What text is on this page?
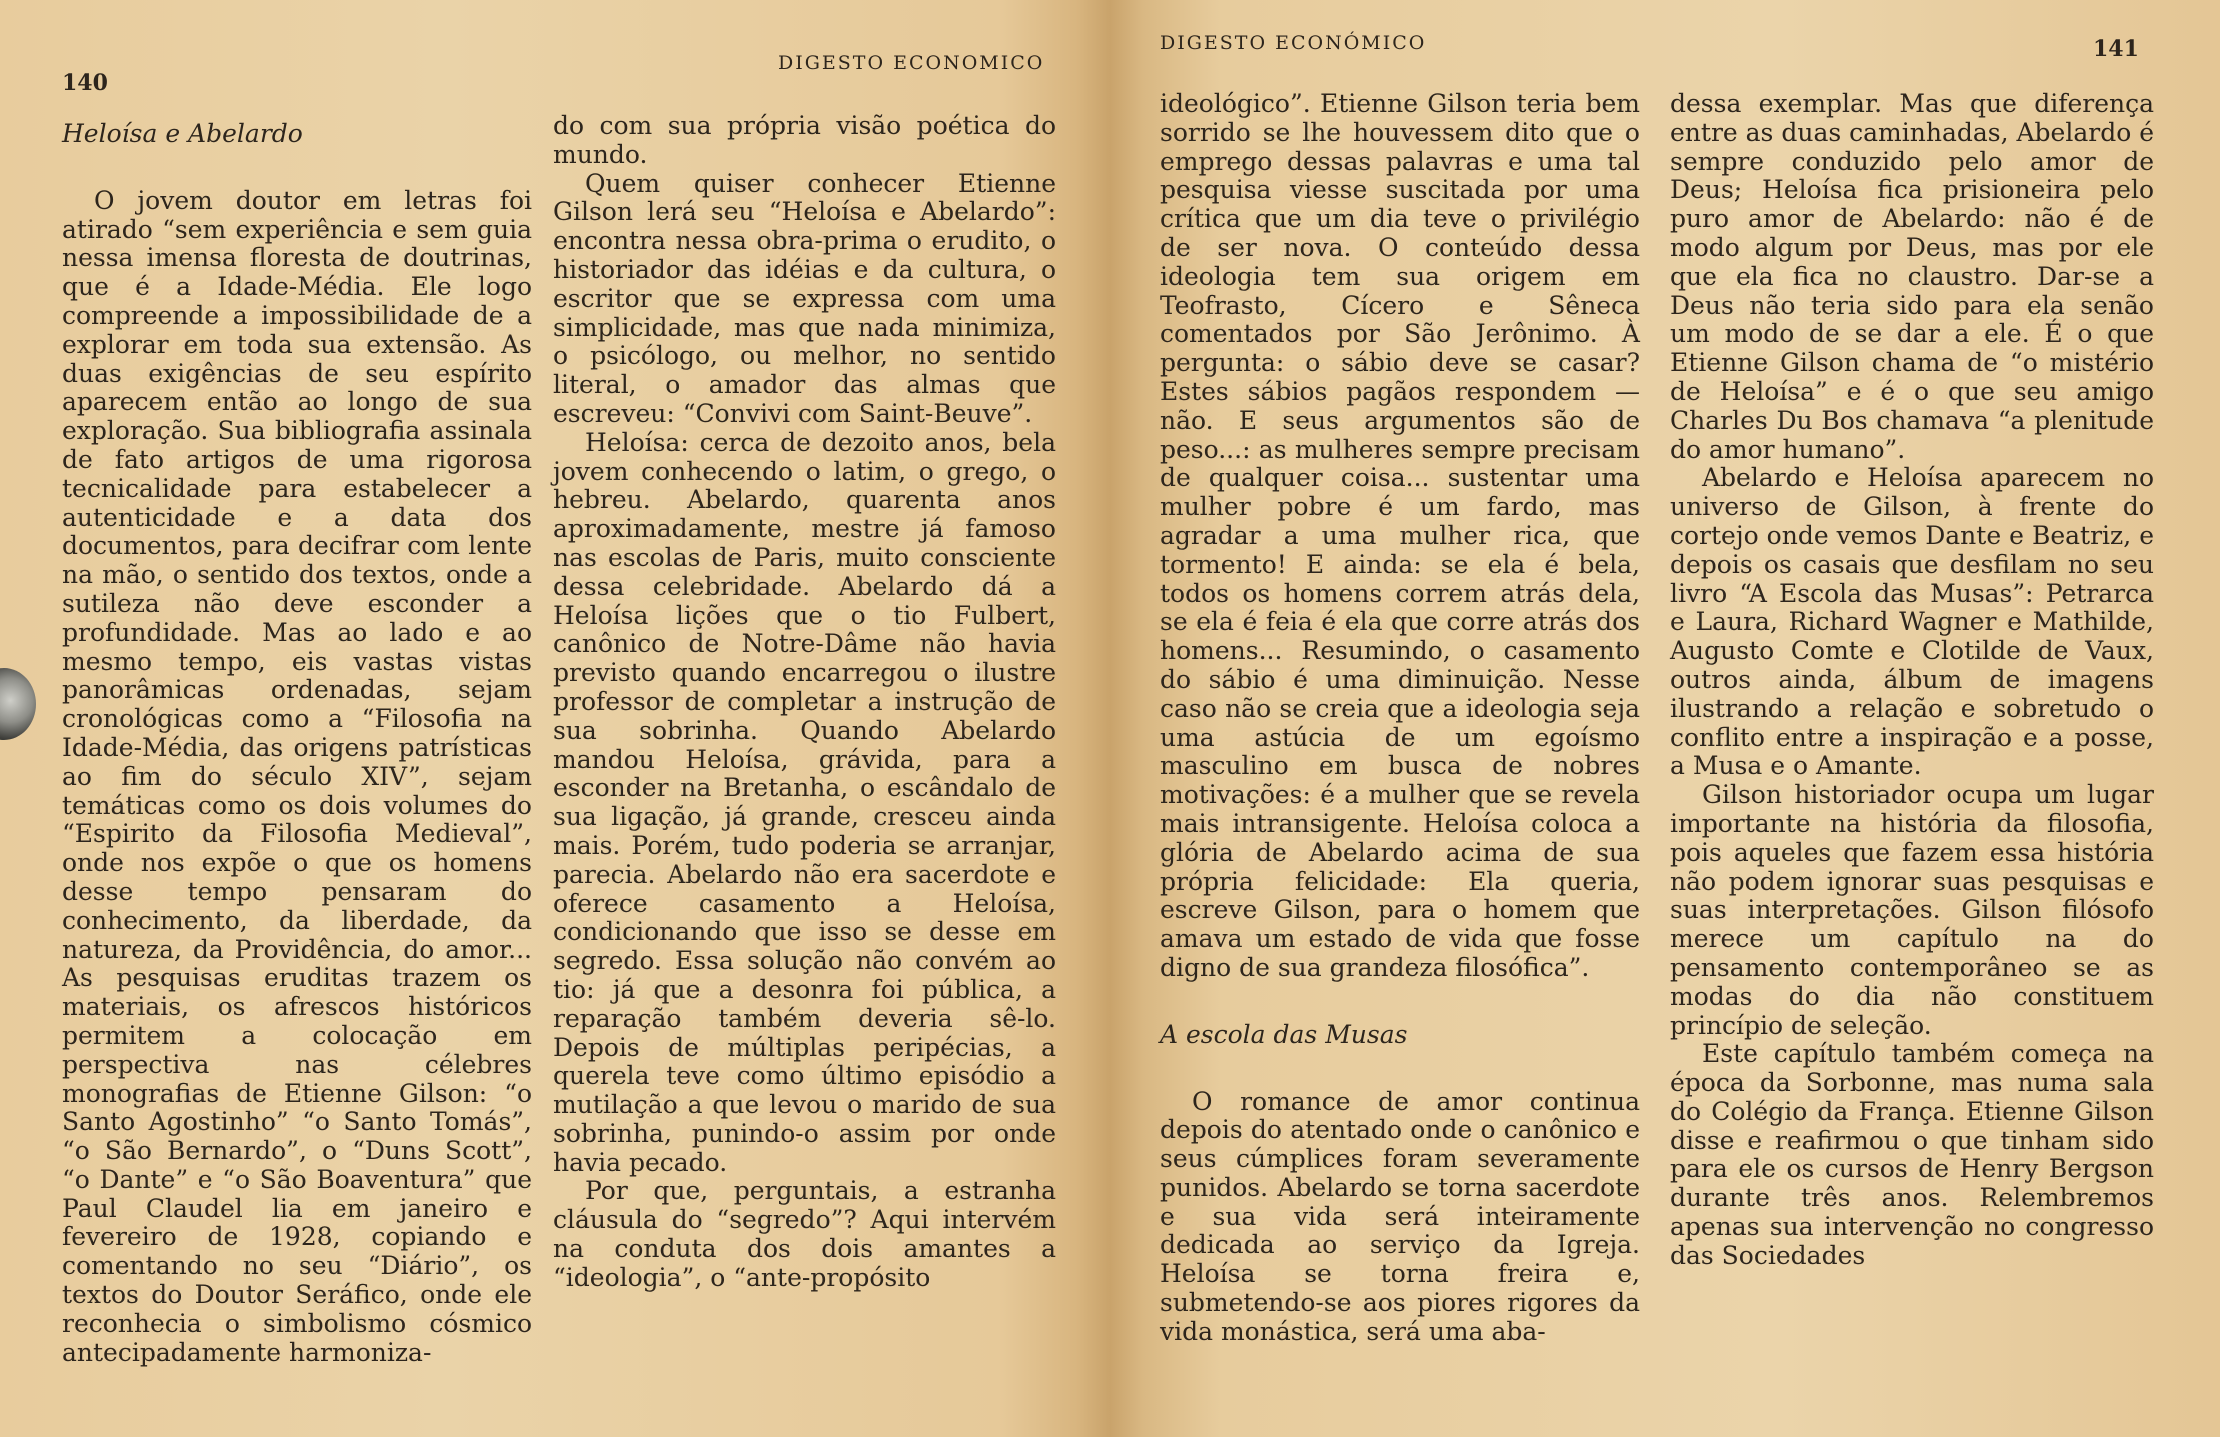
140
DIGESTO ECONOMICO

Heloísa e Abelardo

O jovem doutor em letras foi atirado “sem experiência e sem guia nessa imensa floresta de doutrinas, que é a Idade-Média. Ele logo compreende a impossibilidade de a explorar em toda sua extensão. As duas exigências de seu espírito aparecem então ao longo de sua exploração. Sua bibliografia assinala de fato artigos de uma rigorosa tecnicalidade para estabelecer a autenticidade e a data dos documentos, para decifrar com lente na mão, o sentido dos textos, onde a sutileza não deve esconder a profundidade. Mas ao lado e ao mesmo tempo, eis vastas vistas panorâmicas ordenadas, sejam cronológicas como a “Filosofia na Idade-Média, das origens patrísticas ao fim do século XIV”, sejam temáticas como os dois volumes do “Espirito da Filosofia Medieval”, onde nos expõe o que os homens desse tempo pensaram do conhecimento, da liberdade, da natureza, da Providência, do amor... As pesquisas eruditas trazem os materiais, os afrescos históricos permitem a colocação em perspectiva nas célebres monografias de Etienne Gilson: “o Santo Agostinho” “o Santo Tomás”, “o São Bernardo”, o “Duns Scott”, “o Dante” e “o São Boaventura” que Paul Claudel lia em janeiro e fevereiro de 1928, copiando e comentando no seu “Diário”, os textos do Doutor Seráfico, onde ele reconhecia o simbolismo cósmico antecipadamente harmoniza-

do com sua própria visão poética do mundo.

Quem quiser conhecer Etienne Gilson lerá seu “Heloísa e Abelardo”: encontra nessa obra-prima o erudito, o historiador das idéias e da cultura, o escritor que se expressa com uma simplicidade, mas que nada minimiza, o psicólogo, ou melhor, no sentido literal, o amador das almas que escreveu: “Convivi com Saint-Beuve”.

Heloísa: cerca de dezoito anos, bela jovem conhecendo o latim, o grego, o hebreu. Abelardo, quarenta anos aproximadamente, mestre já famoso nas escolas de Paris, muito consciente dessa celebridade. Abelardo dá a Heloísa lições que o tio Fulbert, canônico de Notre-Dâme não havia previsto quando encarregou o ilustre professor de completar a instrução de sua sobrinha. Quando Abelardo mandou Heloísa, grávida, para a esconder na Bretanha, o escândalo de sua ligação, já grande, cresceu ainda mais. Porém, tudo poderia se arranjar, parecia. Abelardo não era sacerdote e oferece casamento a Heloísa, condicionando que isso se desse em segredo. Essa solução não convém ao tio: já que a desonra foi pública, a reparação também deveria sê-lo. Depois de múltiplas peripécias, a querela teve como último episódio a mutilação a que levou o marido de sua sobrinha, punindo-o assim por onde havia pecado.

Por que, perguntais, a estranha cláusula do “segredo”? Aqui intervém na conduta dos dois amantes a “ideologia”, o “ante-propósito

DIGESTO ECONÓMICO	141

ideológico”. Etienne Gilson teria bem sorrido se lhe houvessem dito que o emprego dessas palavras e uma tal pesquisa viesse suscitada por uma crítica que um dia teve o privilégio de ser nova. O conteúdo dessa ideologia tem sua origem em Teofrasto, Cícero e Sêneca comentados por São Jerônimo. À pergunta: o sábio deve se casar? Estes sábios pagãos respondem — não. E seus argumentos são de peso...: as mulheres sempre precisam de qualquer coisa... sustentar uma mulher pobre é um fardo, mas agradar a uma mulher rica, que tormento! E ainda: se ela é bela, todos os homens correm atrás dela, se ela é feia é ela que corre atrás dos homens... Resumindo, o casamento do sábio é uma diminuição. Nesse caso não se creia que a ideologia seja uma astúcia de um egoísmo masculino em busca de nobres motivações: é a mulher que se revela mais intransigente. Heloísa coloca a glória de Abelardo acima de sua própria felicidade: Ela queria, escreve Gilson, para o homem que amava um estado de vida que fosse digno de sua grandeza filosófica”.

A escola das Musas

O romance de amor continua depois do atentado onde o canônico e seus cúmplices foram severamente punidos. Abelardo se torna sacerdote e sua vida será inteiramente dedicada ao serviço da Igreja. Heloísa se torna freira e, submetendo-se aos piores rigores da vida monástica, será uma aba-

dessa exemplar. Mas que diferença entre as duas caminhadas, Abelardo é sempre conduzido pelo amor de Deus; Heloísa fica prisioneira pelo puro amor de Abelardo: não é de modo algum por Deus, mas por ele que ela fica no claustro. Dar-se a Deus não teria sido para ela senão um modo de se dar a ele. É o que Etienne Gilson chama de “o mistério de Heloísa” e é o que seu amigo Charles Du Bos chamava “a plenitude do amor humano”.

Abelardo e Heloísa aparecem no universo de Gilson, à frente do cortejo onde vemos Dante e Beatriz, e depois os casais que desfilam no seu livro “A Escola das Musas”: Petrarca e Laura, Richard Wagner e Mathilde, Augusto Comte e Clotilde de Vaux, outros ainda, álbum de imagens ilustrando a relação e sobretudo o conflito entre a inspiração e a posse, a Musa e o Amante.

Gilson historiador ocupa um lugar importante na história da filosofia, pois aqueles que fazem essa história não podem ignorar suas pesquisas e suas interpretações. Gilson filósofo merece um capítulo na do pensamento contemporâneo se as modas do dia não constituem princípio de seleção.

Este capítulo também começa na época da Sorbonne, mas numa sala do Colégio da França. Etienne Gilson disse e reafirmou o que tinham sido para ele os cursos de Henry Bergson durante três anos. Relembremos apenas sua intervenção no congresso das Sociedades
